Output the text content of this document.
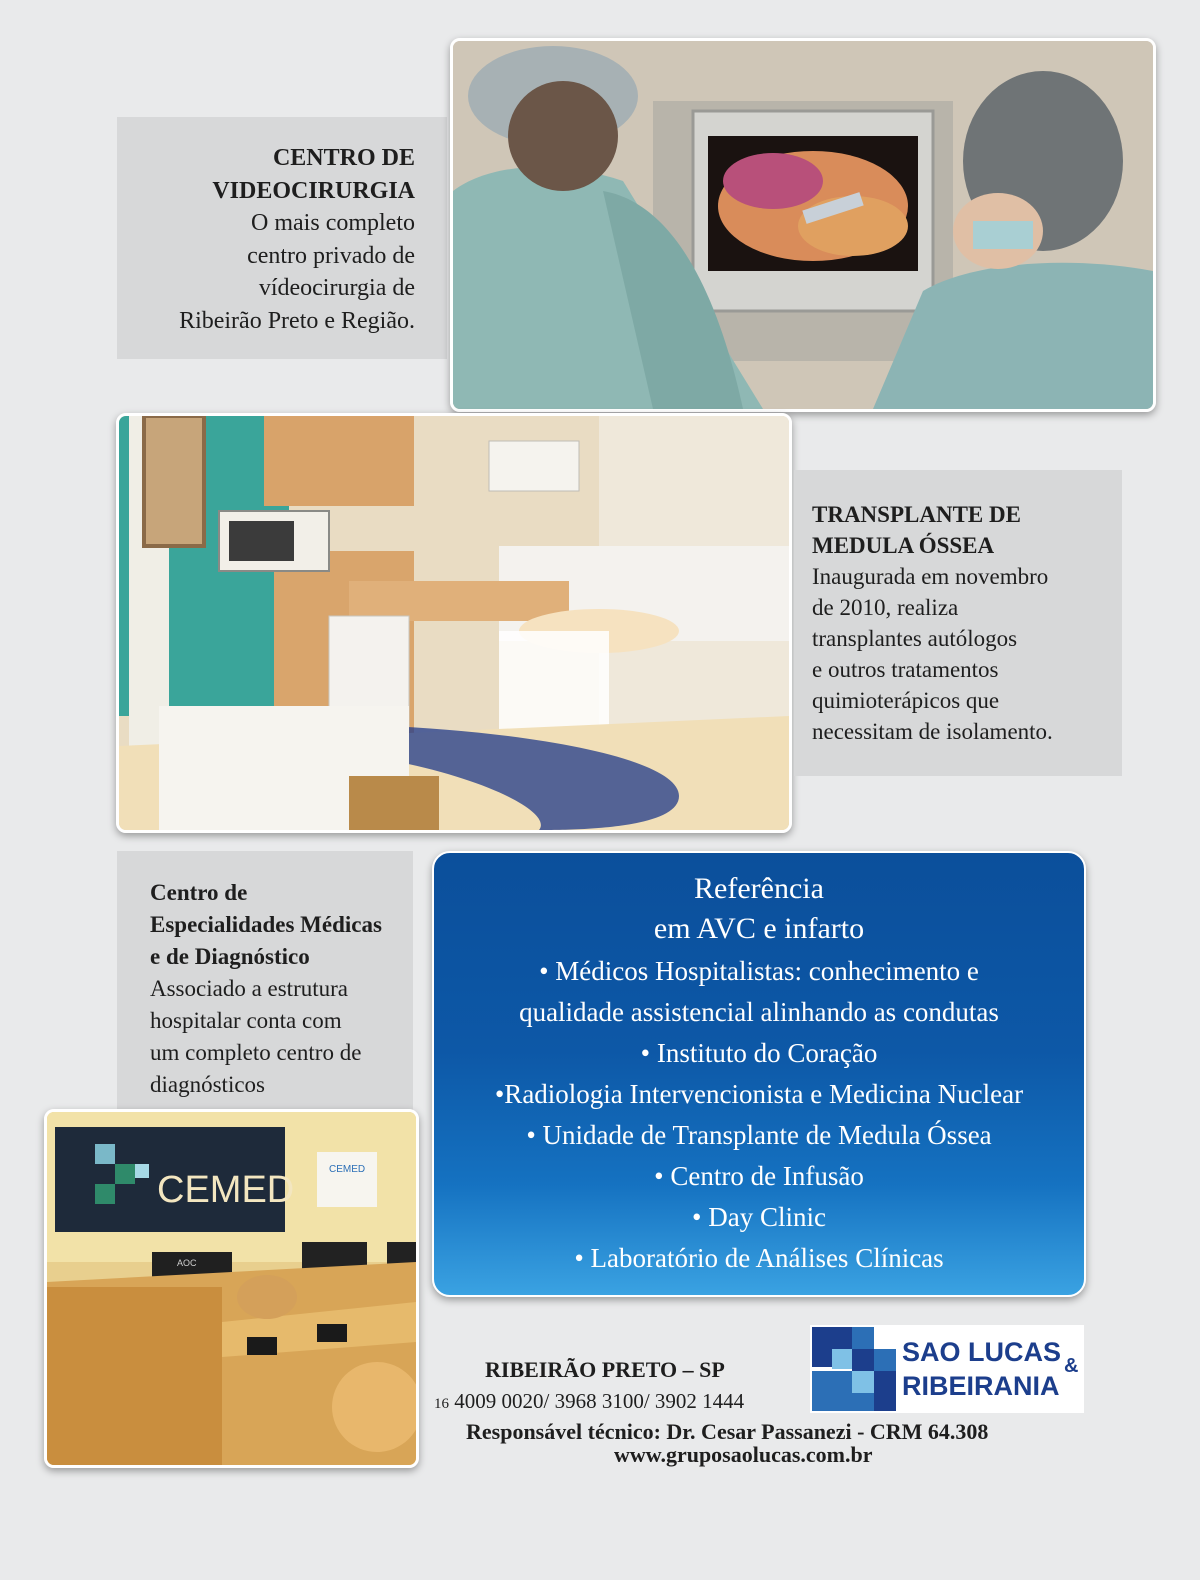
CENTRO DE
VIDEOCIRURGIA
O mais completo
centro privado de
vídeocirurgia de
Ribeirão Preto e Região.
TRANSPLANTE DE
MEDULA ÓSSEA
Inaugurada em novembro
de 2010, realiza
transplantes autólogos
e outros tratamentos
quimioterápicos que
necessitam de isolamento.
Centro de
Especialidades Médicas
e de Diagnóstico
Associado a estrutura
hospitalar conta com
um completo centro de
diagnósticos
CEMED	CEMED
AOC
Referência
em AVC e infarto
• Médicos Hospitalistas: conhecimento e
qualidade assistencial alinhando as condutas
• Instituto do Coração
•Radiologia Intervencionista e Medicina Nuclear
• Unidade de Transplante de Medula Óssea
• Centro de Infusão
• Day Clinic
• Laboratório de Análises Clínicas
RIBEIRÃO PRETO – SP
16 4009 0020/ 3968 3100/ 3902 1444
Responsável técnico: Dr. Cesar Passanezi - CRM 64.308
www.gruposaolucas.com.br
SAO LUCAS &
RIBEIRANIA
